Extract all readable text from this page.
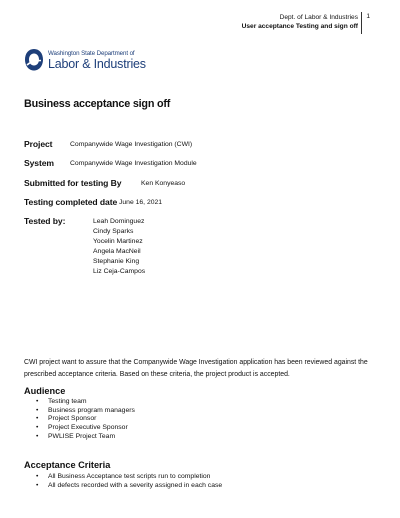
Dept. of Labor & Industries
User acceptance Testing and sign off
1
Washington State Department of
Labor & Industries
Business acceptance sign off
Project	Companywide Wage Investigation (CWI)
System Companywide Wage Investigation Module
Submitted for testing By	Ken Konyeaso
Testing completed date June 16, 2021
Tested by:	Leah Dominguez
Cindy Sparks
Yocelin Martinez
Angela MacNeil
Stephanie King
Liz Ceja-Campos

CWI project want to assure that the Companywide Wage Investigation application has been reviewed against the prescribed acceptance criteria. Based on these criteria, the project product is accepted.

Audience
• Testing team
• Business program managers
• Project Sponsor
• Project Executive Sponsor
• PWLISE Project Team
Acceptance Criteria
• All Business Acceptance test scripts run to completion
• All defects recorded with a severity assigned in each case
